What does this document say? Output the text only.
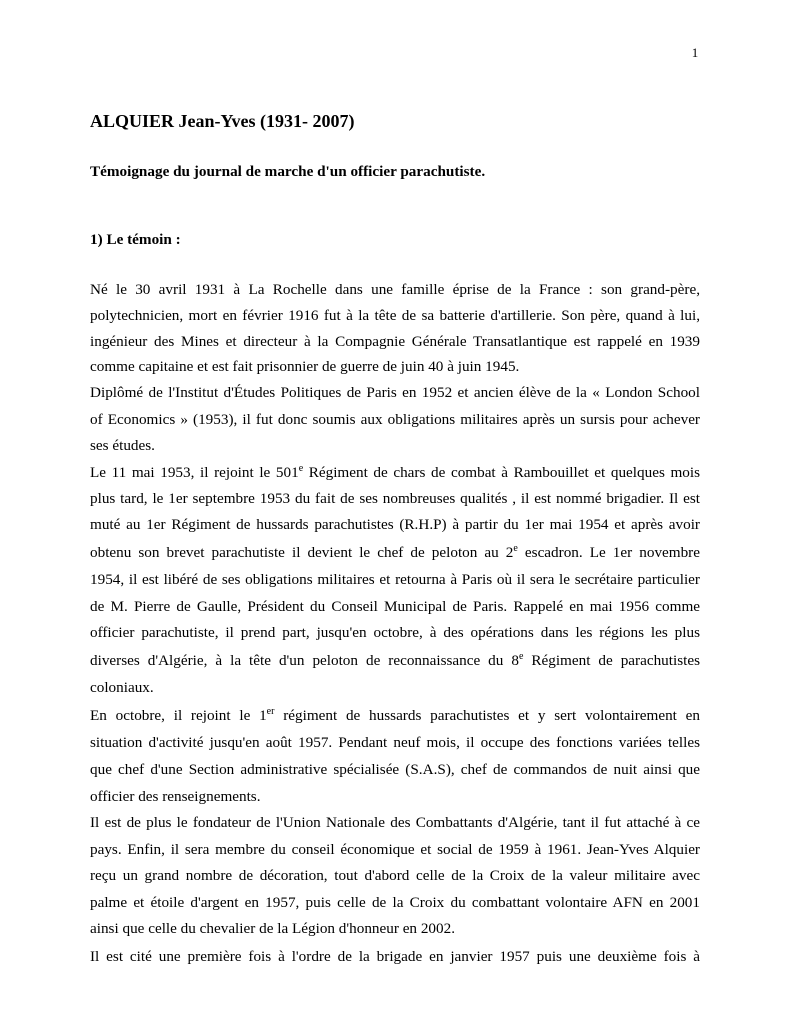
1
ALQUIER Jean-Yves (1931- 2007)
Témoignage du journal de marche d'un officier parachutiste.
1) Le témoin :
Né le 30 avril 1931 à La Rochelle dans une famille éprise de la France : son grand-père,
polytechnicien, mort en février 1916 fut à la tête de sa batterie d'artillerie. Son père, quand à lui,
ingénieur des Mines et directeur à la Compagnie Générale Transatlantique est rappelé en 1939
comme capitaine et est fait prisonnier de guerre de juin 40 à juin 1945.
Diplômé de l'Institut d'Études Politiques de Paris en 1952 et ancien élève de la « London School
of Economics » (1953), il fut donc soumis aux obligations militaires après un sursis pour achever
ses études.
Le 11 mai 1953, il rejoint le 501e Régiment de chars de combat à Rambouillet et quelques mois
plus tard, le 1er septembre 1953 du fait de ses nombreuses qualités , il est nommé brigadier. Il est
muté au 1er Régiment de hussards parachutistes (R.H.P) à partir du 1er mai 1954 et après avoir
obtenu son brevet parachutiste il devient le chef de peloton au 2e escadron. Le 1er novembre
1954, il est libéré de ses obligations militaires et retourna à Paris où il sera le secrétaire particulier
de M. Pierre de Gaulle, Président du Conseil Municipal de Paris. Rappelé en mai 1956 comme
officier parachutiste, il prend part, jusqu'en octobre, à des opérations dans les régions les plus
diverses d'Algérie, à la tête d'un peloton de reconnaissance du 8e Régiment de parachutistes
coloniaux.
En octobre, il rejoint le 1er régiment de hussards parachutistes et y sert volontairement en
situation d'activité jusqu'en août 1957. Pendant neuf mois, il occupe des fonctions variées telles
que chef d'une Section administrative spécialisée (S.A.S), chef de commandos de nuit ainsi que
officier des renseignements.
Il est de plus le fondateur de l'Union Nationale des Combattants d'Algérie, tant il fut attaché à ce
pays. Enfin, il sera membre du conseil économique et social de 1959 à 1961. Jean-Yves Alquier
reçu un grand nombre de décoration, tout d'abord celle de la Croix de la valeur militaire avec
palme et étoile d'argent en 1957, puis celle de la Croix du combattant volontaire AFN en 2001
ainsi que celle du chevalier de la Légion d'honneur en 2002.
Il est cité une première fois à l'ordre de la brigade en janvier 1957 puis une deuxième fois à
